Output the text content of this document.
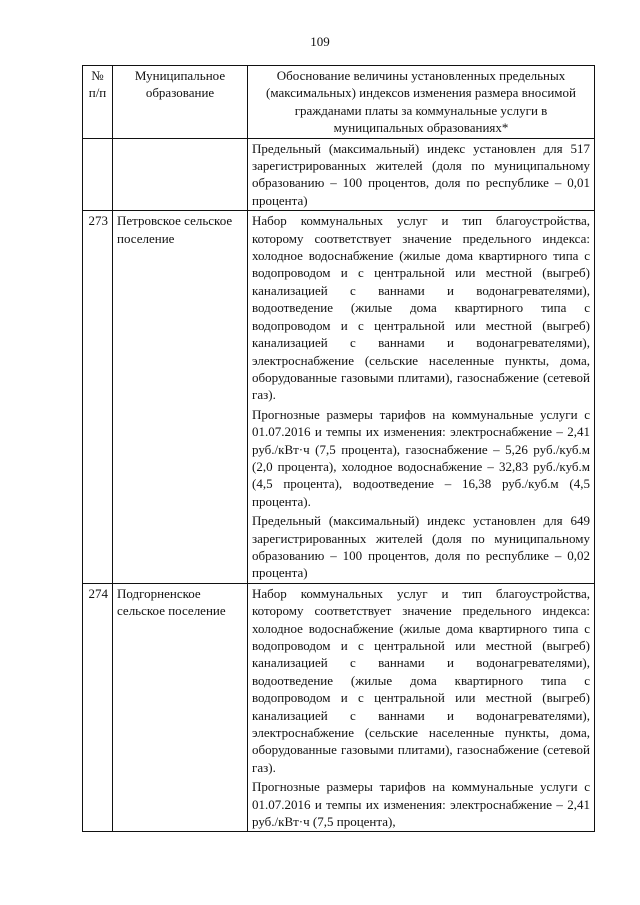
109
№ п/п	Муниципальное образование	Обоснование величины установленных предельных (максимальных) индексов изменения размера вносимой гражданами платы за коммунальные услуги в муниципальных образованиях*

		Предельный (максимальный) индекс установлен для 517 зарегистрированных жителей (доля по муниципальному образованию – 100 процентов, доля по республике – 0,01 процента)

273	Петровское сельское поселение	Набор коммунальных услуг и тип благоустройства, которому соответствует значение предельного индекса: холодное водоснабжение (жилые дома квартирного типа с водопроводом и с центральной или местной (выгреб) канализацией с ваннами и водонагревателями), водоотведение (жилые дома квартирного типа с водопроводом и с центральной или местной (выгреб) канализацией с ваннами и водонагревателями), электроснабжение (сельские населенные пункты, дома, оборудованные газовыми плитами), газоснабжение (сетевой газ).
Прогнозные размеры тарифов на коммунальные услуги с 01.07.2016 и темпы их изменения: электроснабжение – 2,41 руб./кВт·ч (7,5 процента), газоснабжение – 5,26 руб./куб.м (2,0 процента), холодное водоснабжение – 32,83 руб./куб.м (4,5 процента), водоотведение – 16,38 руб./куб.м (4,5 процента).
Предельный (максимальный) индекс установлен для 649 зарегистрированных жителей (доля по муниципальному образованию – 100 процентов, доля по республике – 0,02 процента)

274	Подгорненское сельское поселение	Набор коммунальных услуг и тип благоустройства, которому соответствует значение предельного индекса: холодное водоснабжение (жилые дома квартирного типа с водопроводом и с центральной или местной (выгреб) канализацией с ваннами и водонагревателями), водоотведение (жилые дома квартирного типа с водопроводом и с центральной или местной (выгреб) канализацией с ваннами и водонагревателями), электроснабжение (сельские населенные пункты, дома, оборудованные газовыми плитами), газоснабжение (сетевой газ).
Прогнозные размеры тарифов на коммунальные услуги с 01.07.2016 и темпы их изменения: электроснабжение – 2,41 руб./кВт·ч (7,5 процента),
